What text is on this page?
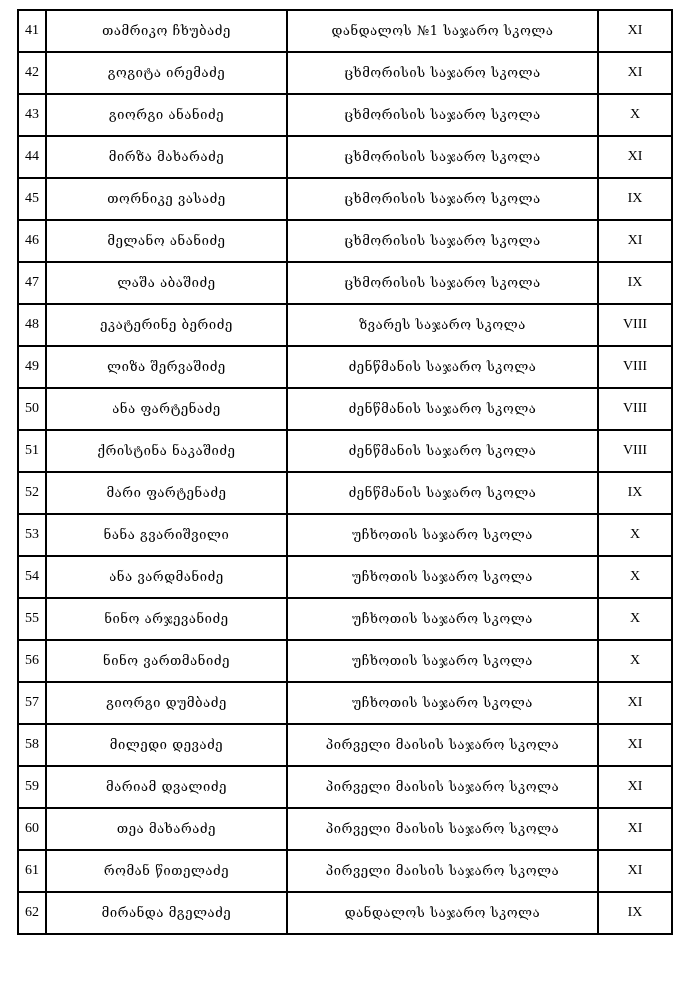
41	თამრიკო ჩხუბაძე	დანდალოს №1 საჯარო სკოლა	XI
42	გოგიტა ირემაძე	ცხმორისის საჯარო სკოლა	XI
43	გიორგი ანანიძე	ცხმორისის საჯარო სკოლა	X
44	მირზა მახარაძე	ცხმორისის საჯარო სკოლა	XI
45	თორნიკე ვასაძე	ცხმორისის საჯარო სკოლა	IX
46	მელანო ანანიძე	ცხმორისის საჯარო სკოლა	XI
47	ლაშა აბაშიძე	ცხმორისის საჯარო სკოლა	IX
48	ეკატერინე ბერიძე	ზვარეს საჯარო სკოლა	VIII
49	ლიზა შერვაშიძე	ძენწმანის საჯარო სკოლა	VIII
50	ანა ფარტენაძე	ძენწმანის საჯარო სკოლა	VIII
51	ქრისტინა ნაკაშიძე	ძენწმანის საჯარო სკოლა	VIII
52	მარი ფარტენაძე	ძენწმანის საჯარო სკოლა	IX
53	ნანა გვარიშვილი	უჩხოთის საჯარო სკოლა	X
54	ანა ვარდმანიძე	უჩხოთის საჯარო სკოლა	X
55	ნინო არჯევანიძე	უჩხოთის საჯარო სკოლა	X
56	ნინო ვართმანიძე	უჩხოთის საჯარო სკოლა	X
57	გიორგი დუმბაძე	უჩხოთის საჯარო სკოლა	XI
58	მილედი დევაძე	პირველი მაისის საჯარო სკოლა	XI
59	მარიამ დვალიძე	პირველი მაისის საჯარო სკოლა	XI
60	თეა მახარაძე	პირველი მაისის საჯარო სკოლა	XI
61	რომან წითელაძე	პირველი მაისის საჯარო სკოლა	XI
62	მირანდა მგელაძე	დანდალოს საჯარო სკოლა	IX
